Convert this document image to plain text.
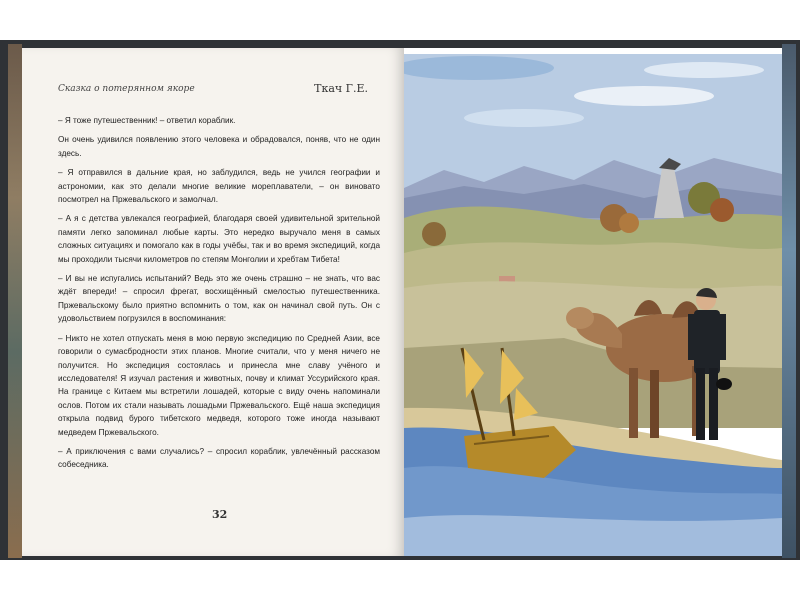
Сказка о потерянном якоре	Ткач Г.Е.

– Я тоже путешественник! – ответил кораблик.

Он очень удивился появлению этого человека и обрадовался, поняв, что не один здесь.

– Я отправился в дальние края, но заблудился, ведь не учился географии и астрономии, как это делали многие великие мореплаватели, – он виновато посмотрел на Пржевальского и замолчал.

– А я с детства увлекался географией, благодаря своей удивительной зрительной памяти легко запоминал любые карты. Это нередко выручало меня в самых сложных ситуациях и помогало как в годы учёбы, так и во время экспедиций, когда мы проходили тысячи километров по степям Монголии и хребтам Тибета!

– И вы не испугались испытаний? Ведь это же очень страшно – не знать, что вас ждёт впереди! – спросил фрегат, восхищённый смелостью путешественника. Пржевальскому было приятно вспомнить о том, как он начинал свой путь. Он с удовольствием погрузился в воспоминания:

– Никто не хотел отпускать меня в мою первую экспедицию по Средней Азии, все говорили о сумасбродности этих планов. Многие считали, что у меня ничего не получится. Но экспедиция состоялась и принесла мне славу учёного и исследователя! Я изучал растения и животных, почву и климат Уссурийского края. На границе с Китаем мы встретили лошадей, которые с виду очень напоминали ослов. Потом их стали называть лошадьми Пржевальского. Ещё наша экспедиция открыла подвид бурого тибетского медведя, которого тоже иногда называют медведем Пржевальского.

– А приключения с вами случались? – спросил кораблик, увлечённый рассказом собеседника.

32
